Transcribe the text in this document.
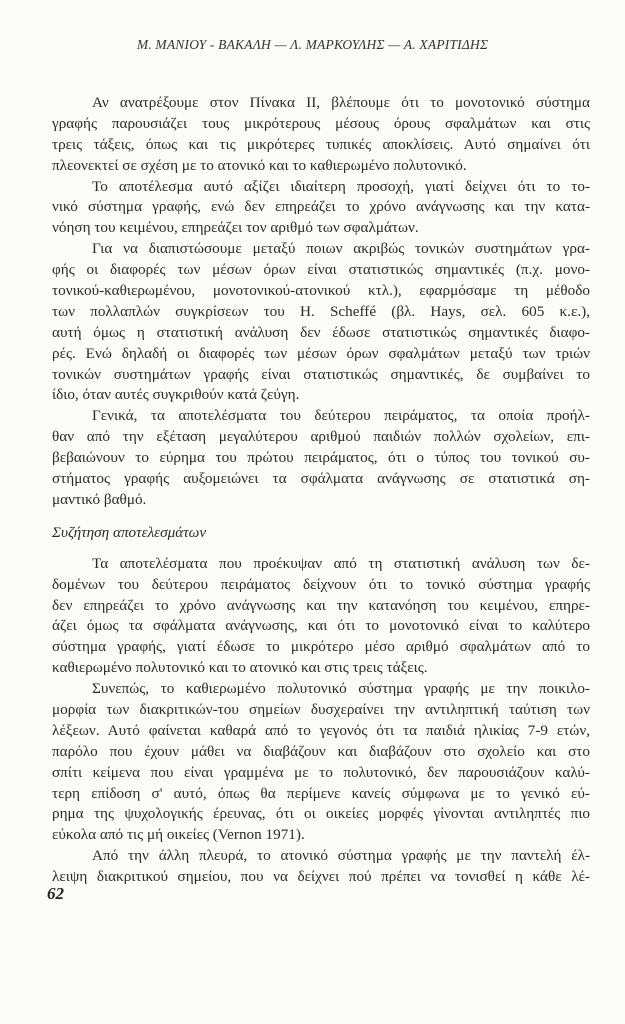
Μ. ΜΑΝΙΟΥ - ΒΑΚΑΛΗ — Λ. ΜΑΡΚΟΥΛΗΣ — Α. ΧΑΡΙΤΙΔΗΣ
Αν ανατρέξουμε στον Πίνακα II, βλέπουμε ότι το μονοτονικό σύστημα
γραφής παρουσιάζει τους μικρότερους μέσους όρους σφαλμάτων και στις
τρεις τάξεις, όπως και τις μικρότερες τυπικές αποκλίσεις. Αυτό σημαίνει ότι
πλεονεκτεί σε σχέση με το ατονικό και το καθιερωμένο πολυτονικό.
Το αποτέλεσμα αυτό αξίζει ιδιαίτερη προσοχή, γιατί δείχνει ότι το το-
νικό σύστημα γραφής, ενώ δεν επηρεάζει το χρόνο ανάγνωσης και την κατα-
νόηση του κειμένου, επηρεάζει τον αριθμό των σφαλμάτων.
Για να διαπιστώσουμε μεταξύ ποιων ακριβώς τονικών συστημάτων γρα-
φής οι διαφορές των μέσων όρων είναι στατιστικώς σημαντικές (π.χ. μονο-
τονικού-καθιερωμένου, μονοτονικού-ατονικού κτλ.), εφαρμόσαμε τη μέθοδο
των πολλαπλών συγκρίσεων του H. Scheffé (βλ. Hays, σελ. 605 κ.ε.),
αυτή όμως η στατιστική ανάλυση δεν έδωσε στατιστικώς σημαντικές διαφο-
ρές. Ενώ δηλαδή οι διαφορές των μέσων όρων σφαλμάτων μεταξύ των τριών
τονικών συστημάτων γραφής είναι στατιστικώς σημαντικές, δε συμβαίνει το
ίδιο, όταν αυτές συγκριθούν κατά ζεύγη.
Γενικά, τα αποτελέσματα του δεύτερου πειράματος, τα οποία προήλ-
θαν από την εξέταση μεγαλύτερου αριθμού παιδιών πολλών σχολείων, επι-
βεβαιώνουν το εύρημα του πρώτου πειράματος, ότι ο τύπος του τονικού συ-
στήματος γραφής αυξομειώνει τα σφάλματα ανάγνωσης σε στατιστικά ση-
μαντικό βαθμό.
Συζήτηση αποτελεσμάτων
Τα αποτελέσματα που προέκυψαν από τη στατιστική ανάλυση των δε-
δομένων του δεύτερου πειράματος δείχνουν ότι το τονικό σύστημα γραφής
δεν επηρεάζει το χρόνο ανάγνωσης και την κατανόηση του κειμένου, επηρε-
άζει όμως τα σφάλματα ανάγνωσης, και ότι το μονοτονικό είναι το καλύτερο
σύστημα γραφής, γιατί έδωσε το μικρότερο μέσο αριθμό σφαλμάτων από το
καθιερωμένο πολυτονικό και το ατονικό και στις τρεις τάξεις.
Συνεπώς, το καθιερωμένο πολυτονικό σύστημα γραφής με την ποικιλο-
μορφία των διακριτικών-του σημείων δυσχεραίνει την αντιληπτική ταύτιση των
λέξεων. Αυτό φαίνεται καθαρά από το γεγονός ότι τα παιδιά ηλικίας 7-9 ετών,
παρόλο που έχουν μάθει να διαβάζουν και διαβάζουν στο σχολείο και στο
σπίτι κείμενα που είναι γραμμένα με το πολυτονικό, δεν παρουσιάζουν καλύ-
τερη επίδοση σ' αυτό, όπως θα περίμενε κανείς σύμφωνα με το γενικό εύ-
ρημα της ψυχολογικής έρευνας, ότι οι οικείες μορφές γίνονται αντιληπτές πιο
εύκολα από τις μή οικείες (Vernon 1971).
Από την άλλη πλευρά, το ατονικό σύστημα γραφής με την παντελή έλ-
λειψη διακριτικού σημείου, που να δείχνει πού πρέπει να τονισθεί η κάθε λέ-
62
